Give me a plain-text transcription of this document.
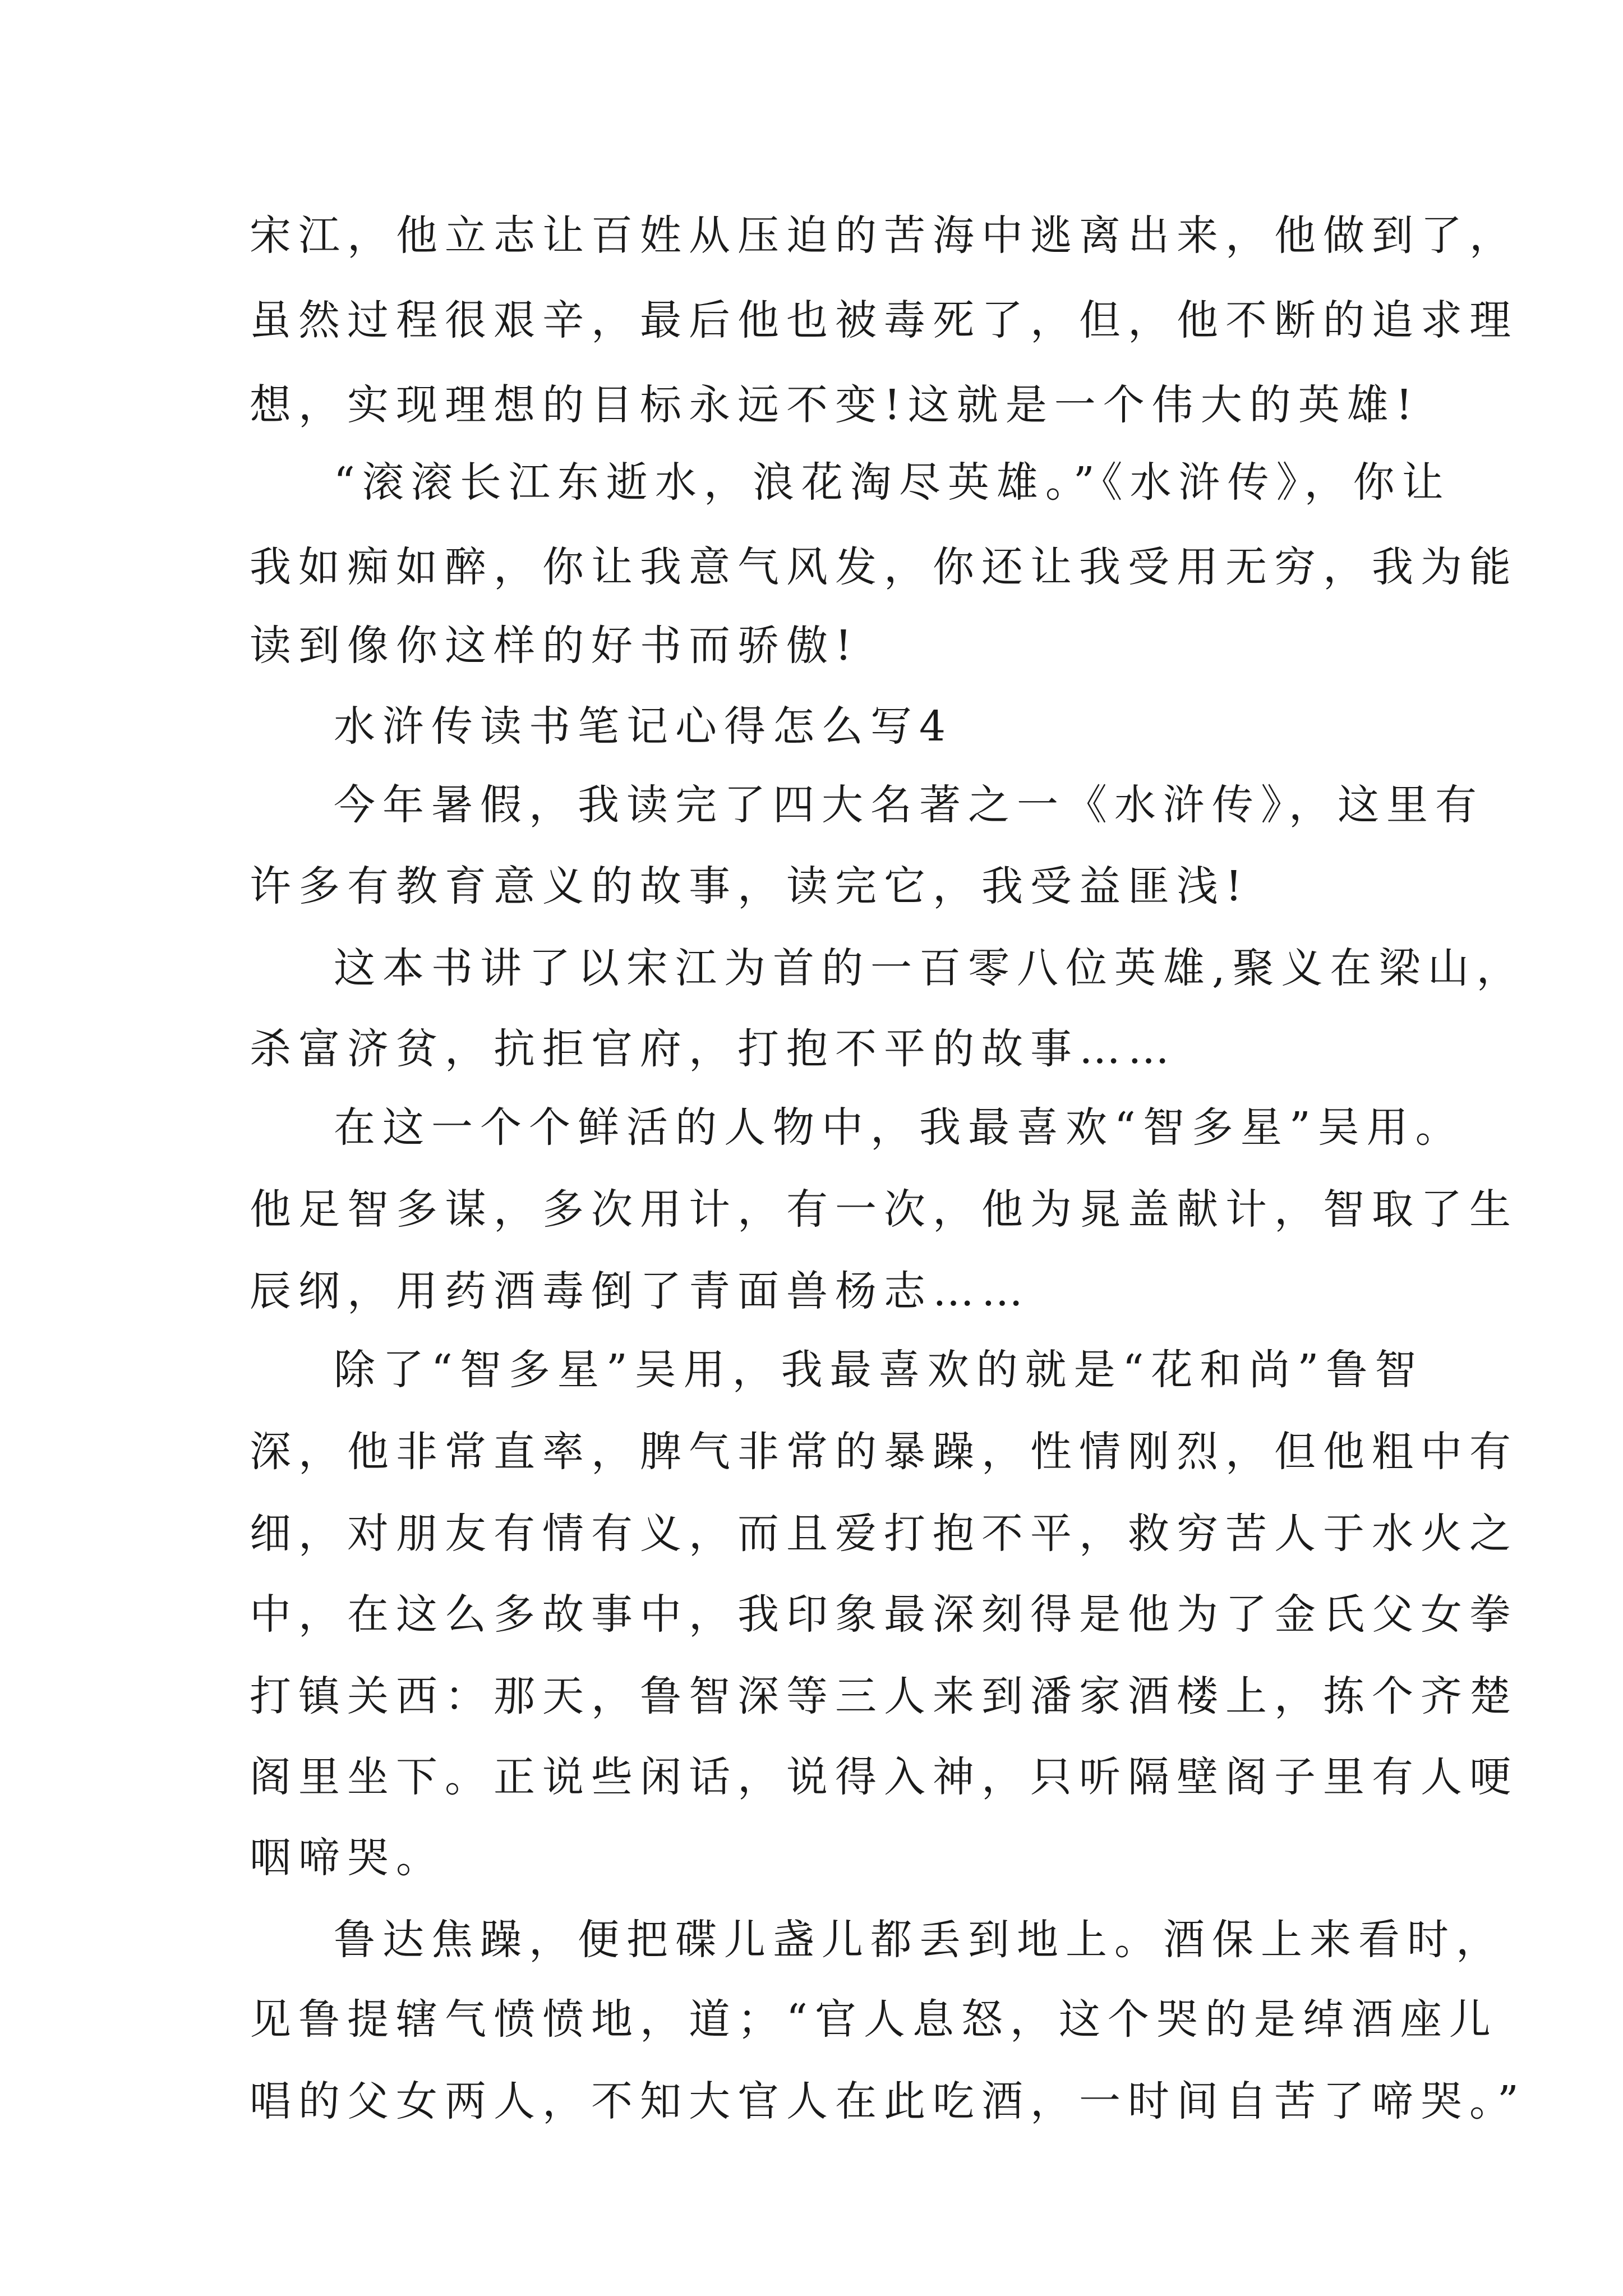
宋江，他立志让百姓从压迫的苦海中逃离出来，他做到了，
虽然过程很艰辛，最后他也被毒死了，但，他不断的追求理
想，实现理想的目标永远不变!这就是一个伟大的英雄!
“滚滚长江东逝水，浪花淘尽英雄。”《水浒传》，你让
我如痴如醉，你让我意气风发，你还让我受用无穷，我为能
读到像你这样的好书而骄傲!
水浒传读书笔记心得怎么写4
今年暑假，我读完了四大名著之一《水浒传》，这里有
许多有教育意义的故事，读完它，我受益匪浅!
这本书讲了以宋江为首的一百零八位英雄,聚义在梁山，
杀富济贫，抗拒官府，打抱不平的故事……
在这一个个鲜活的人物中，我最喜欢“智多星”吴用。
他足智多谋，多次用计，有一次，他为晁盖献计，智取了生
辰纲，用药酒毒倒了青面兽杨志……
除了“智多星”吴用，我最喜欢的就是“花和尚”鲁智
深，他非常直率，脾气非常的暴躁，性情刚烈，但他粗中有
细，对朋友有情有义，而且爱打抱不平，救穷苦人于水火之
中，在这么多故事中，我印象最深刻得是他为了金氏父女拳
打镇关西：那天，鲁智深等三人来到潘家酒楼上，拣个齐楚
阁里坐下。正说些闲话，说得入神，只听隔壁阁子里有人哽
咽啼哭。
鲁达焦躁，便把碟儿盏儿都丢到地上。酒保上来看时，
见鲁提辖气愤愤地，道；“官人息怒，这个哭的是绰酒座儿
唱的父女两人，不知大官人在此吃酒，一时间自苦了啼哭。”
